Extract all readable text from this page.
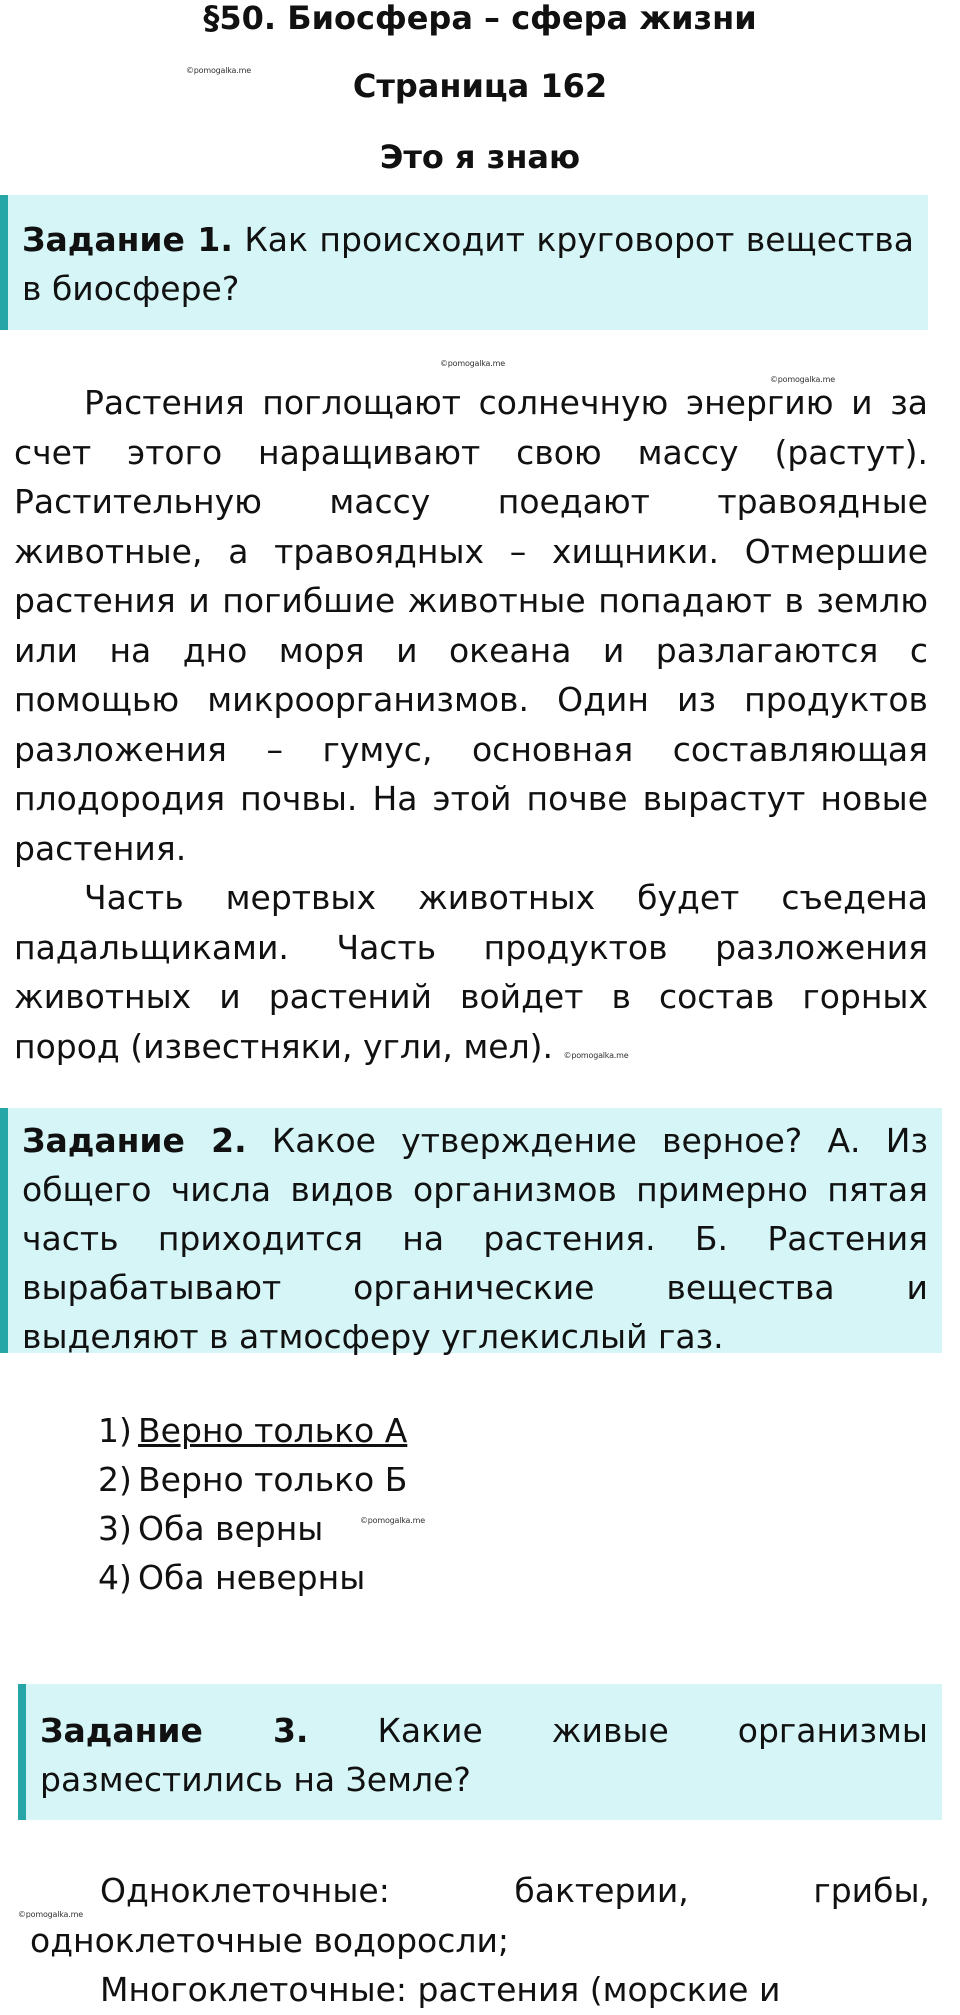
§50. Биосфера – сфера жизни
©pomogalka.me	Страница 162
Это я знаю
Задание 1. Как происходит круговорот вещества в биосфере?
©pomogalka.me
©pomogalka.me

Растения поглощают солнечную энергию и за счет этого наращивают свою массу (растут). Растительную массу поедают травоядные животные, а травоядных – хищники. Отмершие растения и погибшие животные попадают в землю или на дно моря и океана и разлагаются с помощью микроорганизмов. Один из продуктов разложения – гумус, основная составляющая плодородия почвы. На этой почве вырастут новые растения.

Часть мертвых животных будет съедена падальщиками. Часть продуктов разложения животных и растений войдет в состав горных пород (известняки, угли, мел). ©pomogalka.me

Задание 2. Какое утверждение верное? А. Из общего числа видов организмов примерно пятая часть приходится на растения. Б. Растения вырабатывают органические вещества и выделяют в атмосферу углекислый газ.
1) Верно только А
2) Верно только Б
©pomogalka.me
3) Оба верны
4) Оба неверны
Задание 3. Какие живые организмы разместились на Земле?
©pomogalka.me

Одноклеточные: бактерии, грибы, одноклеточные водоросли;

Многоклеточные: растения (морские и
